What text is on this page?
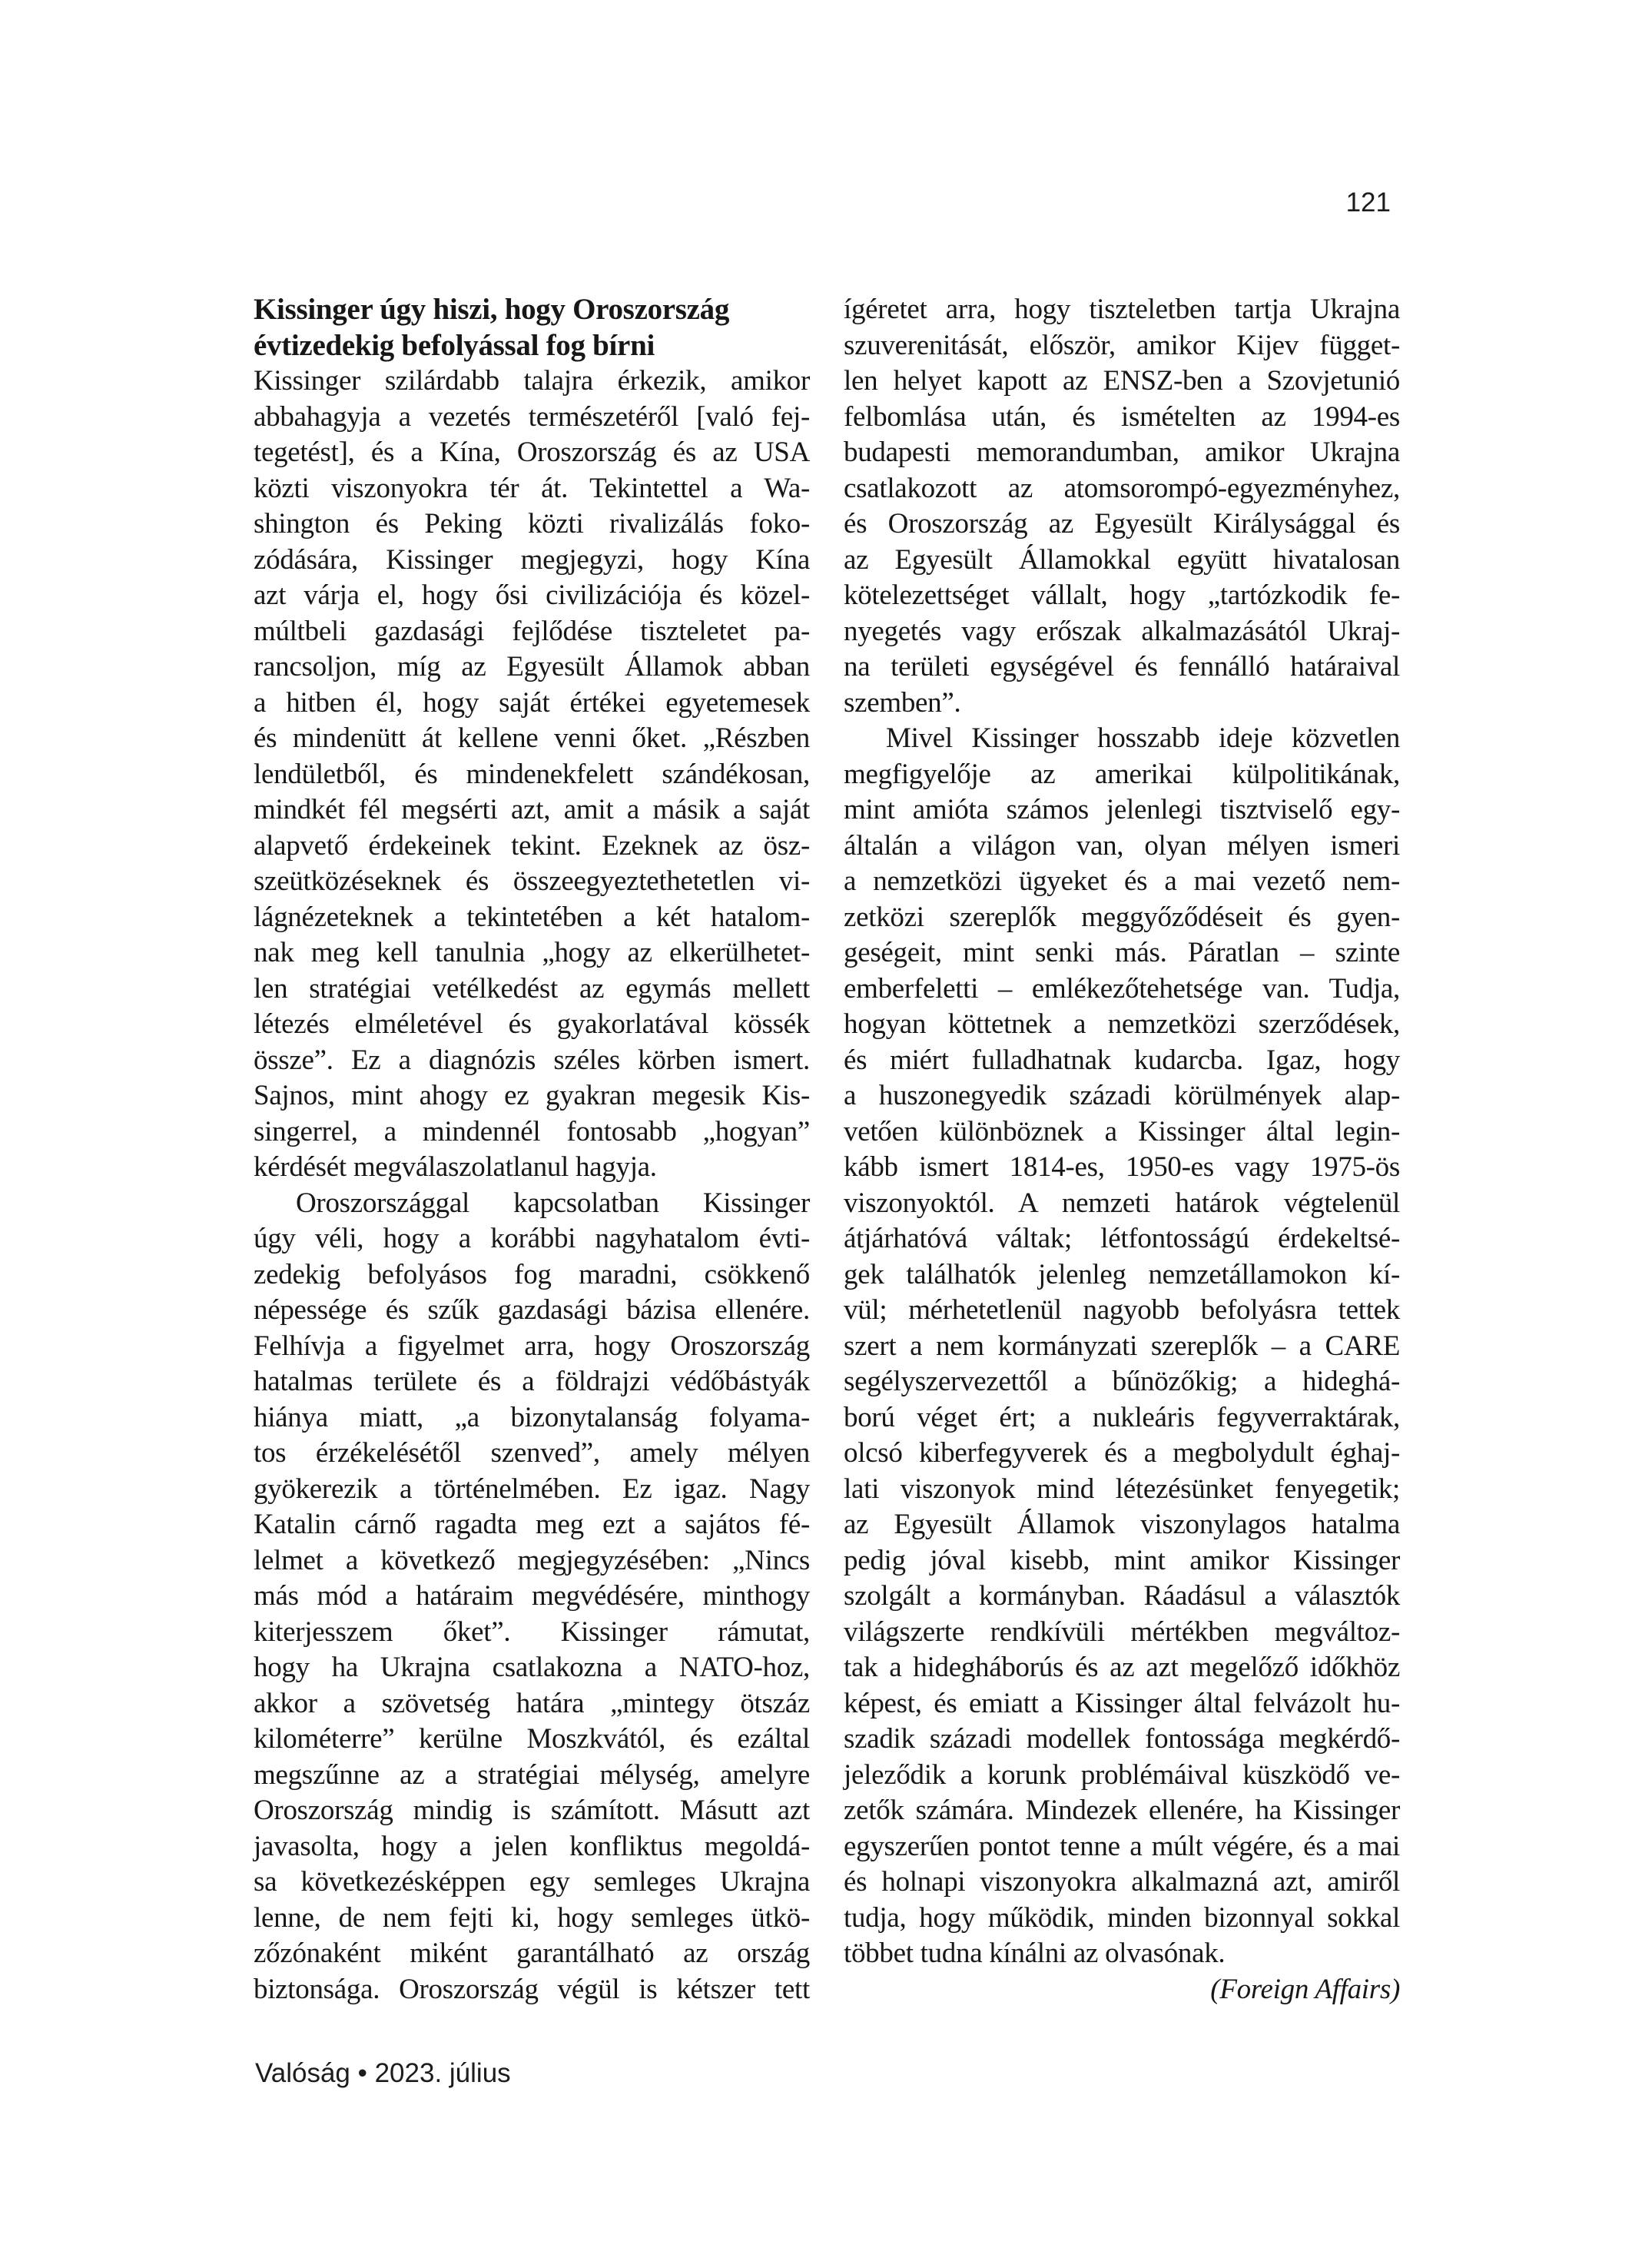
121
Kissinger úgy hiszi, hogy Oroszország
évtizedekig befolyással fog bírni
Kissinger szilárdabb talajra érkezik, amikor
abbahagyja a vezetés természetéről [való fej-
tegetést], és a Kína, Oroszország és az USA
közti viszonyokra tér át. Tekintettel a Wa-
shington és Peking közti rivalizálás foko-
zódására, Kissinger megjegyzi, hogy Kína
azt várja el, hogy ősi civilizációja és közel-
múltbeli gazdasági fejlődése tiszteletet pa-
rancsoljon, míg az Egyesült Államok abban
a hitben él, hogy saját értékei egyetemesek
és mindenütt át kellene venni őket. „Részben
lendületből, és mindenekfelett szándékosan,
mindkét fél megsérti azt, amit a másik a saját
alapvető érdekeinek tekint. Ezeknek az ösz-
szeütközéseknek és összeegyeztethetetlen vi-
lágnézeteknek a tekintetében a két hatalom-
nak meg kell tanulnia „hogy az elkerülhetet-
len stratégiai vetélkedést az egymás mellett
létezés elméletével és gyakorlatával kössék
össze”. Ez a diagnózis széles körben ismert.
Sajnos, mint ahogy ez gyakran megesik Kis-
singerrel, a mindennél fontosabb „hogyan”
kérdését megválaszolatlanul hagyja.
Oroszországgal kapcsolatban Kissinger
úgy véli, hogy a korábbi nagyhatalom évti-
zedekig befolyásos fog maradni, csökkenő
népessége és szűk gazdasági bázisa ellenére.
Felhívja a figyelmet arra, hogy Oroszország
hatalmas területe és a földrajzi védőbástyák
hiánya miatt, „a bizonytalanság folyama-
tos érzékelésétől szenved”, amely mélyen
gyökerezik a történelmében. Ez igaz. Nagy
Katalin cárnő ragadta meg ezt a sajátos fé-
lelmet a következő megjegyzésében: „Nincs
más mód a határaim megvédésére, minthogy
kiterjesszem őket”. Kissinger rámutat,
hogy ha Ukrajna csatlakozna a NATO-hoz,
akkor a szövetség határa „mintegy ötszáz
kilométerre” kerülne Moszkvától, és ezáltal
megszűnne az a stratégiai mélység, amelyre
Oroszország mindig is számított. Másutt azt
javasolta, hogy a jelen konfliktus megoldá-
sa következésképpen egy semleges Ukrajna
lenne, de nem fejti ki, hogy semleges ütkö-
zőzónaként miként garantálható az ország
biztonsága. Oroszország végül is kétszer tett
ígéretet arra, hogy tiszteletben tartja Ukrajna
szuverenitását, először, amikor Kijev függet-
len helyet kapott az ENSZ-ben a Szovjetunió
felbomlása után, és ismételten az 1994-es
budapesti memorandumban, amikor Ukrajna
csatlakozott az atomsorompó-egyezményhez,
és Oroszország az Egyesült Királysággal és
az Egyesült Államokkal együtt hivatalosan
kötelezettséget vállalt, hogy „tartózkodik fe-
nyegetés vagy erőszak alkalmazásától Ukraj-
na területi egységével és fennálló határaival
szemben”.
Mivel Kissinger hosszabb ideje közvetlen
megfigyelője az amerikai külpolitikának,
mint amióta számos jelenlegi tisztviselő egy-
általán a világon van, olyan mélyen ismeri
a nemzetközi ügyeket és a mai vezető nem-
zetközi szereplők meggyőződéseit és gyen-
geségeit, mint senki más. Páratlan – szinte
emberfeletti – emlékezőtehetsége van. Tudja,
hogyan köttetnek a nemzetközi szerződések,
és miért fulladhatnak kudarcba. Igaz, hogy
a huszonegyedik századi körülmények alap-
vetően különböznek a Kissinger által legin-
kább ismert 1814-es, 1950-es vagy 1975-ös
viszonyoktól. A nemzeti határok végtelenül
átjárhatóvá váltak; létfontosságú érdekeltsé-
gek találhatók jelenleg nemzetállamokon kí-
vül; mérhetetlenül nagyobb befolyásra tettek
szert a nem kormányzati szereplők – a CARE
segélyszervezettől a bűnözőkig; a hideghá-
ború véget ért; a nukleáris fegyverraktárak,
olcsó kiberfegyverek és a megbolydult éghaj-
lati viszonyok mind létezésünket fenyegetik;
az Egyesült Államok viszonylagos hatalma
pedig jóval kisebb, mint amikor Kissinger
szolgált a kormányban. Ráadásul a választók
világszerte rendkívüli mértékben megváltoz-
tak a hidegháborús és az azt megelőző időkhöz
képest, és emiatt a Kissinger által felvázolt hu-
szadik századi modellek fontossága megkérdő-
jeleződik a korunk problémáival küszködő ve-
zetők számára. Mindezek ellenére, ha Kissinger
egyszerűen pontot tenne a múlt végére, és a mai
és holnapi viszonyokra alkalmazná azt, amiről
tudja, hogy működik, minden bizonnyal sokkal
többet tudna kínálni az olvasónak.
(Foreign Affairs)
Valóság • 2023. július
